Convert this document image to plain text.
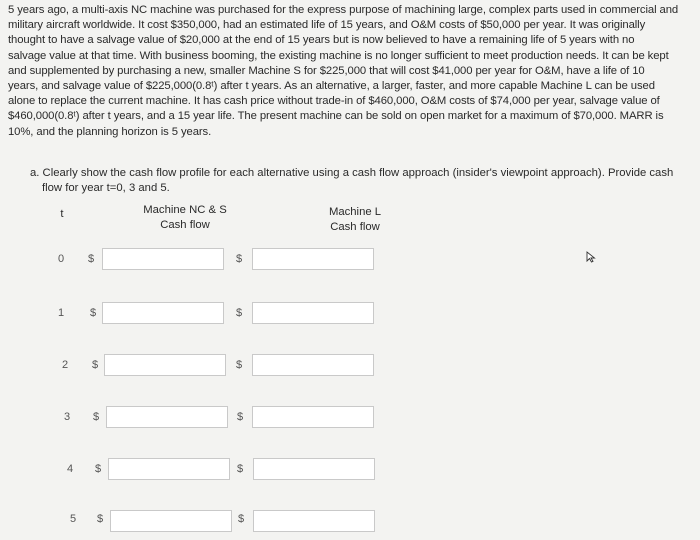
5 years ago, a multi-axis NC machine was purchased for the express purpose of machining large, complex parts used in commercial and

military aircraft worldwide. It cost $350,000, had an estimated life of 15 years, and O&M costs of $50,000 per year. It was originally

thought to have a salvage value of $20,000 at the end of 15 years but is now believed to have a remaining life of 5 years with no

salvage value at that time. With business booming, the existing machine is no longer sufficient to meet production needs. It can be kept

and supplemented by purchasing a new, smaller Machine S for $225,000 that will cost $41,000 per year for O&M, have a life of 10

years, and salvage value of $225,000(0.8ᵗ) after t years. As an alternative, a larger, faster, and more capable Machine L can be used

alone to replace the current machine. It has cash price without trade-in of $460,000, O&M costs of $74,000 per year, salvage value of

$460,000(0.8ᵗ) after t years, and a 15 year life. The present machine can be sold on open market for a maximum of $70,000. MARR is

10%, and the planning horizon is 5 years.

a. Clearly show the cash flow profile for each alternative using a cash flow approach (insider's viewpoint approach). Provide cash

flow for year t=0, 3 and 5.

t	Machine NC & S
Cash flow
Machine L
Cash flow
0 $	$
1 $	$
2 $	$
3 $	$
4 $	$
5 $	$
